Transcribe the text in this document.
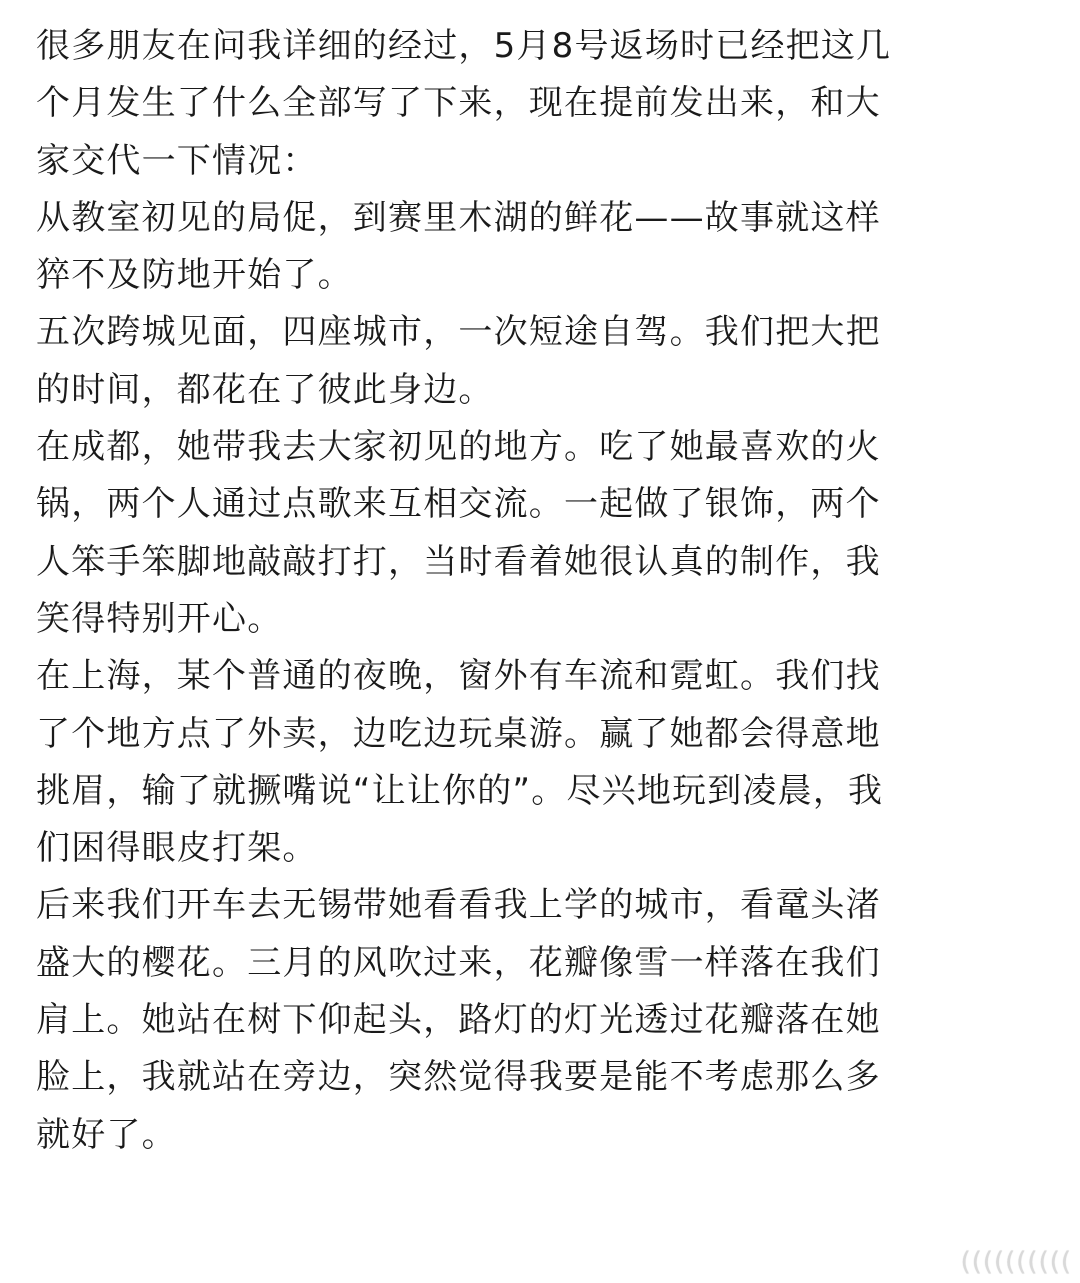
很多朋友在问我详细的经过，5月8号返场时已经把这几
个月发生了什么全部写了下来，现在提前发出来，和大
家交代一下情况：
从教室初见的局促，到赛里木湖的鲜花——故事就这样
猝不及防地开始了。
五次跨城见面，四座城市，一次短途自驾。我们把大把
的时间，都花在了彼此身边。
在成都，她带我去大家初见的地方。吃了她最喜欢的火
锅，两个人通过点歌来互相交流。一起做了银饰，两个
人笨手笨脚地敲敲打打，当时看着她很认真的制作，我
笑得特别开心。
在上海，某个普通的夜晚，窗外有车流和霓虹。我们找
了个地方点了外卖，边吃边玩桌游。赢了她都会得意地
挑眉，输了就撅嘴说“让让你的”。尽兴地玩到凌晨，我
们困得眼皮打架。
后来我们开车去无锡带她看看我上学的城市，看鼋头渚
盛大的樱花。三月的风吹过来，花瓣像雪一样落在我们
肩上。她站在树下仰起头，路灯的灯光透过花瓣落在她
脸上，我就站在旁边，突然觉得我要是能不考虑那么多
就好了。
((((((((((
